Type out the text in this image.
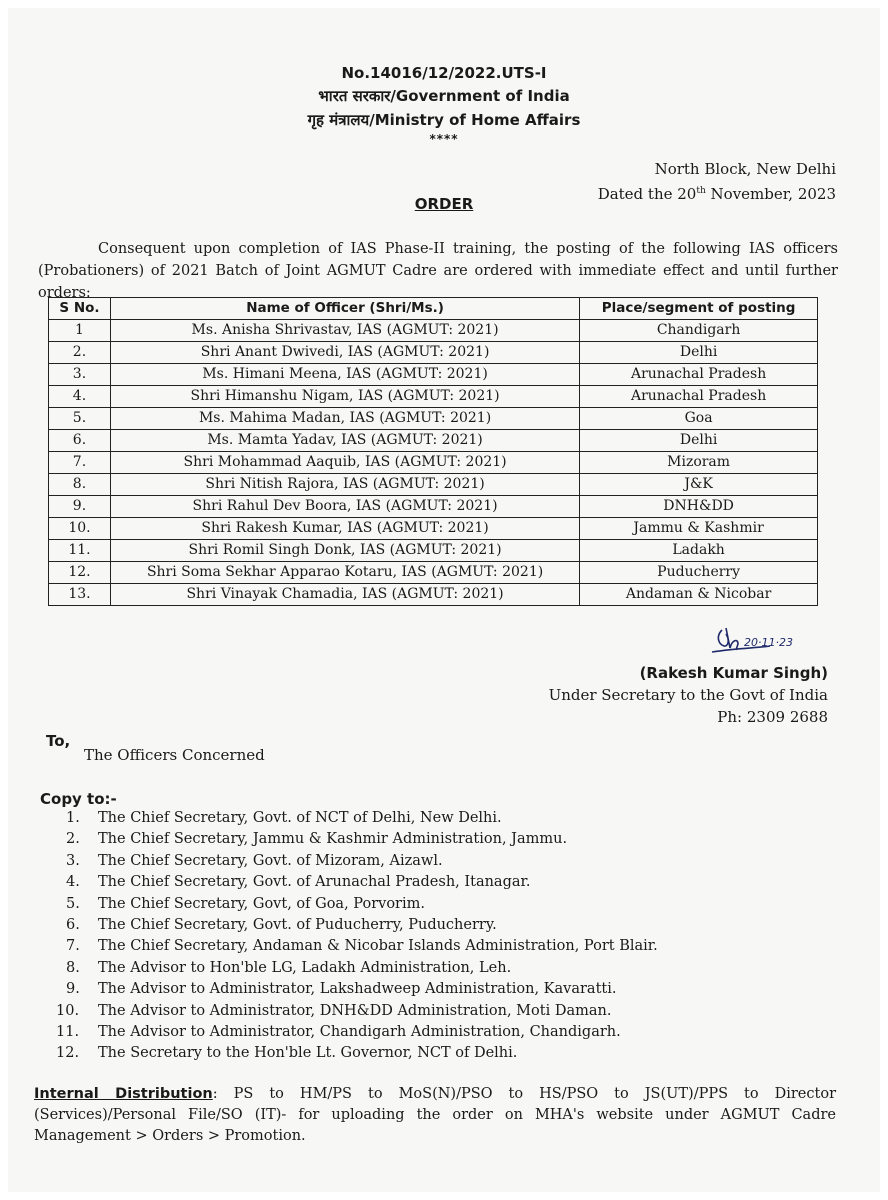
No.14016/12/2022.UTS-I
भारत सरकार/Government of India
गृह मंत्रालय/Ministry of Home Affairs
****
North Block, New Delhi
Dated the 20th November, 2023
ORDER
Consequent upon completion of IAS Phase-II training, the posting of the following IAS officers (Probationers) of 2021 Batch of Joint AGMUT Cadre are ordered with immediate effect and until further orders:
S No.	Name of Officer (Shri/Ms.)	Place/segment of posting
1	Ms. Anisha Shrivastav, IAS (AGMUT: 2021)	Chandigarh
2.	Shri Anant Dwivedi, IAS (AGMUT: 2021)	Delhi
3.	Ms. Himani Meena, IAS (AGMUT: 2021)	Arunachal Pradesh
4.	Shri Himanshu Nigam, IAS (AGMUT: 2021)	Arunachal Pradesh
5.	Ms. Mahima Madan, IAS (AGMUT: 2021)	Goa
6.	Ms. Mamta Yadav, IAS (AGMUT: 2021)	Delhi
7.	Shri Mohammad Aaquib, IAS (AGMUT: 2021)	Mizoram
8.	Shri Nitish Rajora, IAS (AGMUT: 2021)	J&K
9.	Shri Rahul Dev Boora, IAS (AGMUT: 2021)	DNH&DD
10.	Shri Rakesh Kumar, IAS (AGMUT: 2021)	Jammu & Kashmir
11.	Shri Romil Singh Donk, IAS (AGMUT: 2021)	Ladakh
12.	Shri Soma Sekhar Apparao Kotaru, IAS (AGMUT: 2021)	Puducherry
13.	Shri Vinayak Chamadia, IAS (AGMUT: 2021)	Andaman & Nicobar
20·11·23
(Rakesh Kumar Singh)
Under Secretary to the Govt of India
Ph: 2309 2688
To,
The Officers Concerned
Copy to:-
1. The Chief Secretary, Govt. of NCT of Delhi, New Delhi.
2. The Chief Secretary, Jammu & Kashmir Administration, Jammu.
3. The Chief Secretary, Govt. of Mizoram, Aizawl.
4. The Chief Secretary, Govt. of Arunachal Pradesh, Itanagar.
5. The Chief Secretary, Govt, of Goa, Porvorim.
6. The Chief Secretary, Govt. of Puducherry, Puducherry.
7. The Chief Secretary, Andaman & Nicobar Islands Administration, Port Blair.
8. The Advisor to Hon'ble LG, Ladakh Administration, Leh.
9. The Advisor to Administrator, Lakshadweep Administration, Kavaratti.
10. The Advisor to Administrator, DNH&DD Administration, Moti Daman.
11. The Advisor to Administrator, Chandigarh Administration, Chandigarh.
12. The Secretary to the Hon'ble Lt. Governor, NCT of Delhi.
Internal Distribution: PS to HM/PS to MoS(N)/PSO to HS/PSO to JS(UT)/PPS to Director (Services)/Personal File/SO (IT)- for uploading the order on MHA's website under AGMUT Cadre Management > Orders > Promotion.
